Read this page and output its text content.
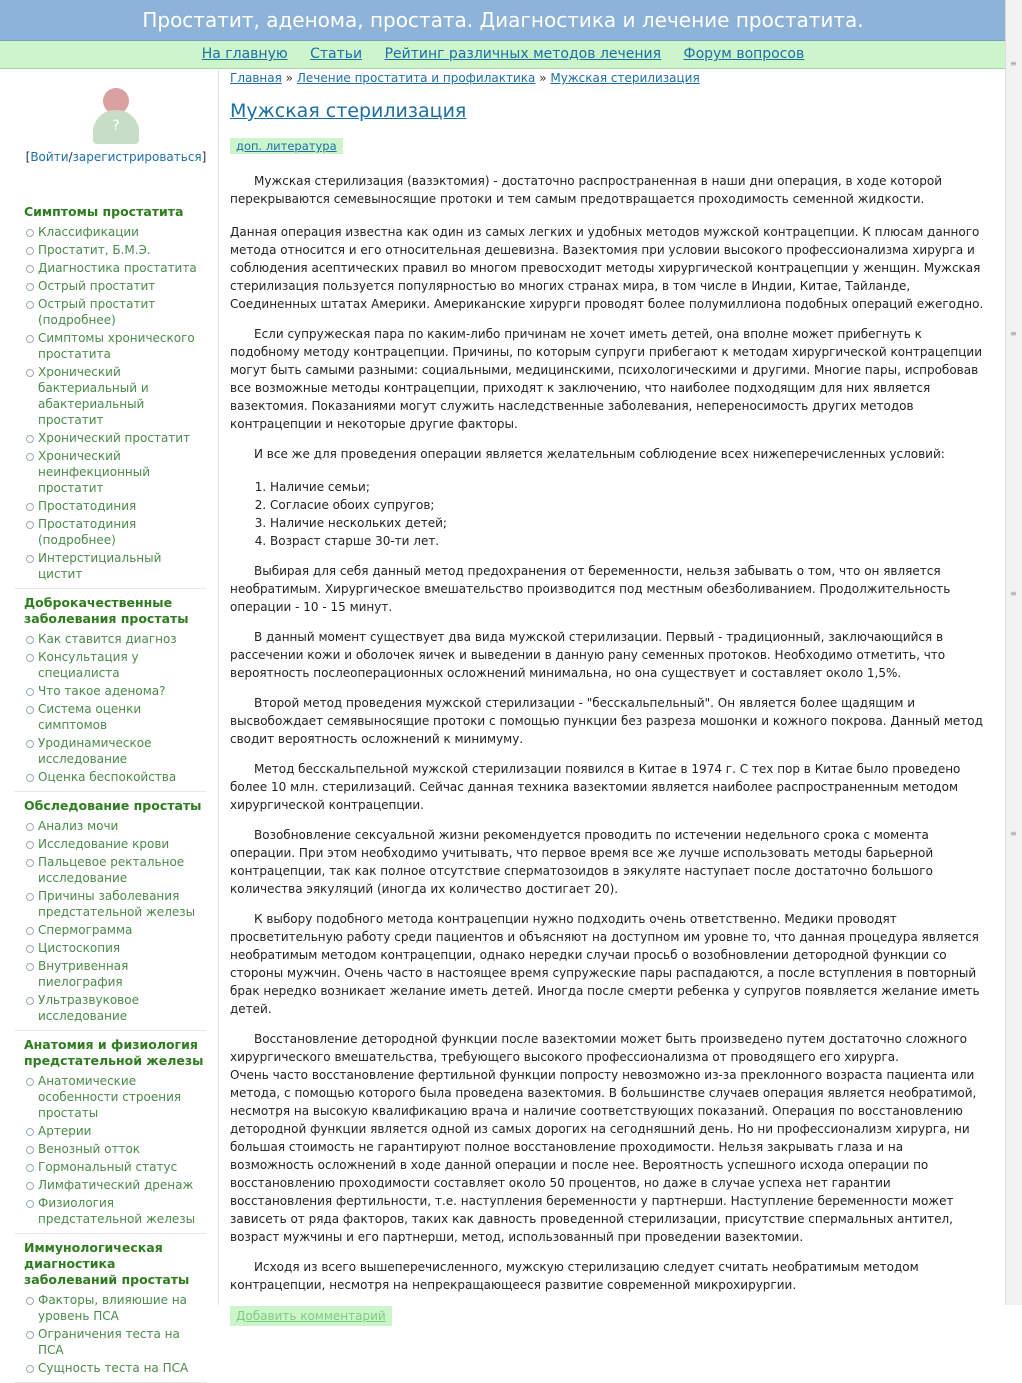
Простатит, аденома, простата. Диагностика и лечение простатита.
На главную Статьи Рейтинг различных методов лечения Форум вопросов
≡
≡
≡
≡
?
[Войти/зарегистрироваться]
Симптомы простатита
Классификации
Простатит, Б.М.Э.
Диагностика простатита
Острый простатит
Острый простатит (подробнее)
Симптомы хронического простатита
Хронический бактериальный и абактериальный простатит
Хронический простатит
Хронический неинфекционный простатит
Простатодиния
Простатодиния (подробнее)
Интерстициальный цистит
Доброкачественные заболевания простаты
Как ставится диагноз
Консультация у специалиста
Что такое аденома?
Система оценки симптомов
Уродинамическое исследование
Оценка беспокойства
Обследование простаты
Анализ мочи
Исследование крови
Пальцевое ректальное исследование
Причины заболевания предстательной железы
Спермограмма
Цистоскопия
Внутривенная пиелография
Ультразвуковое исследование
Анатомия и физиология предстательной железы
Анатомические особенности строения простаты
Артерии
Венозный отток
Гормональный статус
Лимфатический дренаж
Физиология предстательной железы
Иммунологическая диагностика заболеваний простаты
Факторы, влияюшие на уровень ПСА
Ограничения теста на ПСА
Сущность теста на ПСА
Главная » Лечение простатита и профилактика » Мужская стерилизация
Мужская стерилизация
доп. литература

Мужская стерилизация (вазэктомия) - достаточно распространенная в наши дни операция, в ходе которой перекрываются семевыносящие протоки и тем самым предотвращается проходимость семенной жидкости.

Данная операция известна как один из самых легких и удобных методов мужской контрацепции. К плюсам данного метода относится и его относительная дешевизна. Вазектомия при условии высокого профессионализма хирурга и соблюдения асептических правил во многом превосходит методы хирургической контрацепции у женщин. Мужская стерилизация пользуется популярностью во многих странах мира, в том числе в Индии, Китае, Тайланде, Соединенных штатах Америки. Американские хирурги проводят более полумиллиона подобных операций ежегодно.

Если супружеская пара по каким-либо причинам не хочет иметь детей, она вполне может прибегнуть к подобному методу контрацепции. Причины, по которым супруги прибегают к методам хирургической контрацепции могут быть самыми разными: социальными, медицинскими, психологическими и другими. Многие пары, испробовав все возможные методы контрацепции, приходят к заключению, что наиболее подходящим для них является вазектомия. Показаниями могут служить наследственные заболевания, непереносимость других методов контрацепции и некоторые другие факторы.

И все же для проведения операции является желательным соблюдение всех нижеперечисленных условий:

1. Наличие семьи;
2. Согласие обоих супругов;
3. Наличие нескольких детей;
4. Возраст старше 30-ти лет.

Выбирая для себя данный метод предохранения от беременности, нельзя забывать о том, что он является необратимым. Хирургическое вмешательство производится под местным обезболиванием. Продолжительность операции - 10 - 15 минут.

В данный момент существует два вида мужской стерилизации. Первый - традиционный, заключающийся в рассечении кожи и оболочек яичек и выведении в данную рану семенных протоков. Необходимо отметить, что вероятность послеоперационных осложнений минимальна, но она существует и составляет около 1,5%.

Второй метод проведения мужской стерилизации - "бесскальпельный". Он является более щадящим и высвобождает семявыносящие протоки с помощью пункции без разреза мошонки и кожного покрова. Данный метод сводит вероятность осложнений к минимуму.

Метод бесскальпельной мужской стерилизации появился в Китае в 1974 г. С тех пор в Китае было проведено более 10 млн. стерилизаций. Сейчас данная техника вазектомии является наиболее распространенным методом хирургической контрацепции.

Возобновление сексуальной жизни рекомендуется проводить по истечении недельного срока с момента операции. При этом необходимо учитывать, что первое время все же лучше использовать методы барьерной контрацепции, так как полное отсутствие сперматозоидов в эякуляте наступает после достаточно большого количества эякуляций (иногда их количество достигает 20).

К выбору подобного метода контрацепции нужно подходить очень ответственно. Медики проводят просветительную работу среди пациентов и объясняют на доступном им уровне то, что данная процедура является необратимым методом контрацепции, однако нередки случаи просьб о возобновлении детородной функции со стороны мужчин. Очень часто в настоящее время супружеские пары распадаются, а после вступления в повторный брак нередко возникает желание иметь детей. Иногда после смерти ребенка у супругов появляется желание иметь детей.

Восстановление детородной функции после вазектомии может быть произведено путем достаточно сложного хирургического вмешательства, требующего высокого профессионализма от проводящего его хирурга.

Очень часто восстановление фертильной функции попросту невозможно из-за преклонного возраста пациента или метода, с помощью которого была проведена вазектомия. В большинстве случаев операция является необратимой, несмотря на высокую квалификацию врача и наличие соответствующих показаний. Операция по восстановлению детородной функции является одной из самых дорогих на сегодняшний день. Но ни профессионализм хирурга, ни большая стоимость не гарантируют полное восстановление проходимости. Нельзя закрывать глаза и на возможность осложнений в ходе данной операции и после нее. Вероятность успешного исхода операции по восстановлению проходимости составляет около 50 процентов, но даже в случае успеха нет гарантии восстановления фертильности, т.е. наступления беременности у партнерши. Наступление беременности может зависеть от ряда факторов, таких как давность проведенной стерилизации, присутствие спермальных антител, возраст мужчины и его партнерши, метод, использованный при проведении вазектомии.

Исходя из всего вышеперечисленного, мужскую стерилизацию следует считать необратимым методом контрацепции, несмотря на непрекращающееся развитие современной микрохирургии.

Добавить комментарий
